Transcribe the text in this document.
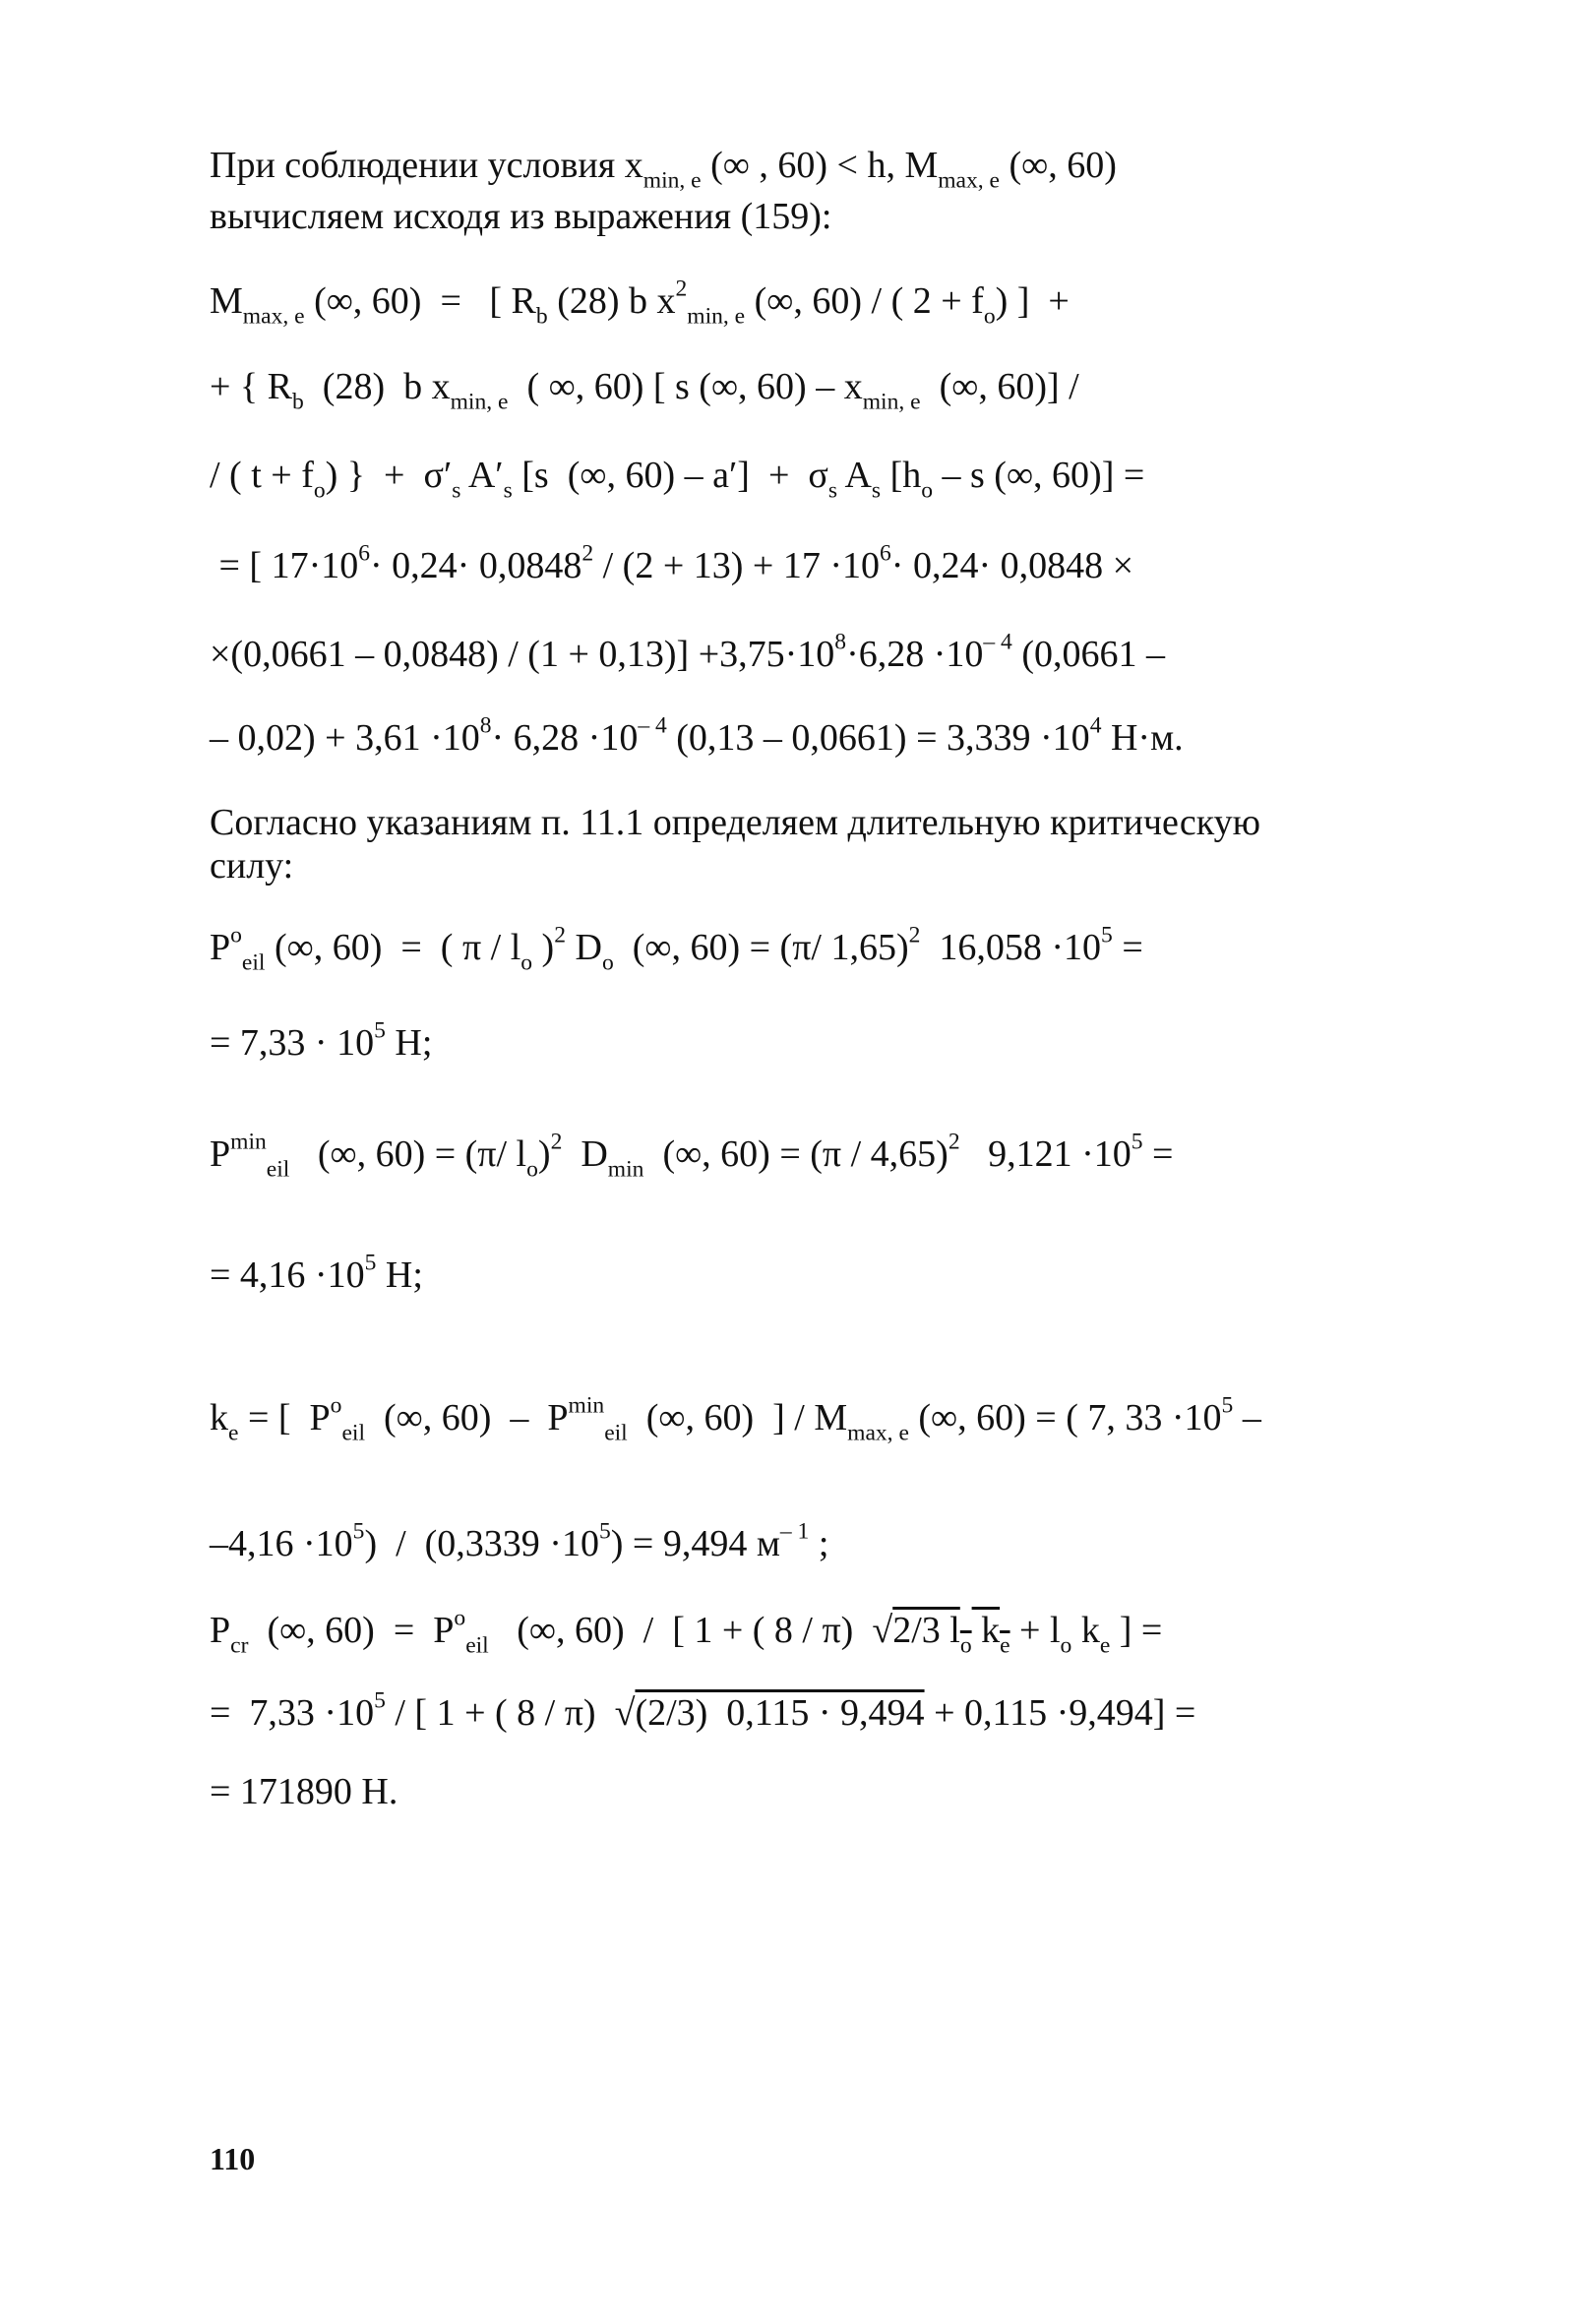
При соблюдении условия $x_{min, e}$ (∞ , 60) < h, $M_{max, e}$ (∞, 60)
вычисляем исходя из выражения (159):
$M_{max, e}$ (∞, 60)  =   [ $R_b$ (28) b $x^2_{min, e}$ (∞, 60) / ( $2 + f_o$) ]  +
+ { $R_b$  (28)  b $x_{min, e}$  ( ∞, 60) [ s (∞, $60) - x_{min, e}$  (∞, 60)] /
/ ( $t + f_o$) }  +  $\sigma'_s$ $A'_s$ [s  (∞, $60) - a'] + \sigma_s$ $A_s$ [$h_o$ – s (∞, 60)] =
= [ $17\cdot 10^6\cdot 0,24\cdot 0,0848^2 / (2 + 13) + 17 \cdot 10^6\cdot 0,24\cdot 0,0848$ ×
$\times(0,0661 - 0,0848) / (1 + 0,13)] +3,75\cdot 10^8\cdot 6,28 \cdot 10^{- 4}$ (0,0661 –
– $0,02) + 3,61 \cdot 10^8\cdot 6,28 \cdot 10^{- 4}$ $(0,13 - 0,0661) = 3,339 \cdot 10^4$ H·м.
Согласно указаниям п. 11.1 определяем длительную критическую
силу:
$P^o_{eil}$ (∞, 60)  =  ( π / $l_o$ )$^2$ $D_o$  (∞, 60) = (π/ 1,65)$^2$  $16,058 \cdot 10^5$ =
= $7,33 \cdot 10^5$ H;
$P^{min}_{eil}$   (∞, 60) = (π/ $l_o)^2$  $D_{min}$  (∞, 60) = (π / 4,65)$^2$   $9,121 \cdot 10^5$ =
= $4,16 \cdot 10^5$ H;
$k_e$ = [  $P^o_{eil}$  (∞, $60) - P^{min}_{eil}$  (∞, 60)  ] / $M_{max, e}$ (∞, 60) = ( 7, $33 \cdot 10^5$ –
$-4,16 \cdot 10^5) / (0,3339 \cdot 10^5) = 9,494$ $м^{- 1}$ ;
$P_{cr}$  (∞, $60) = P^o_{eil}$   (∞, 60)  /  [ 1 + ( 8 / π)  √2/3 $l_o$ $k_e + l_o$ $k_e$ ] =
=  $7,33 \cdot 10^5$ / [ 1 + ( 8 / π)  √(2/3)  0,115 · 9,494 + 0,115 ·9,494] =
= 171890 H.
110
